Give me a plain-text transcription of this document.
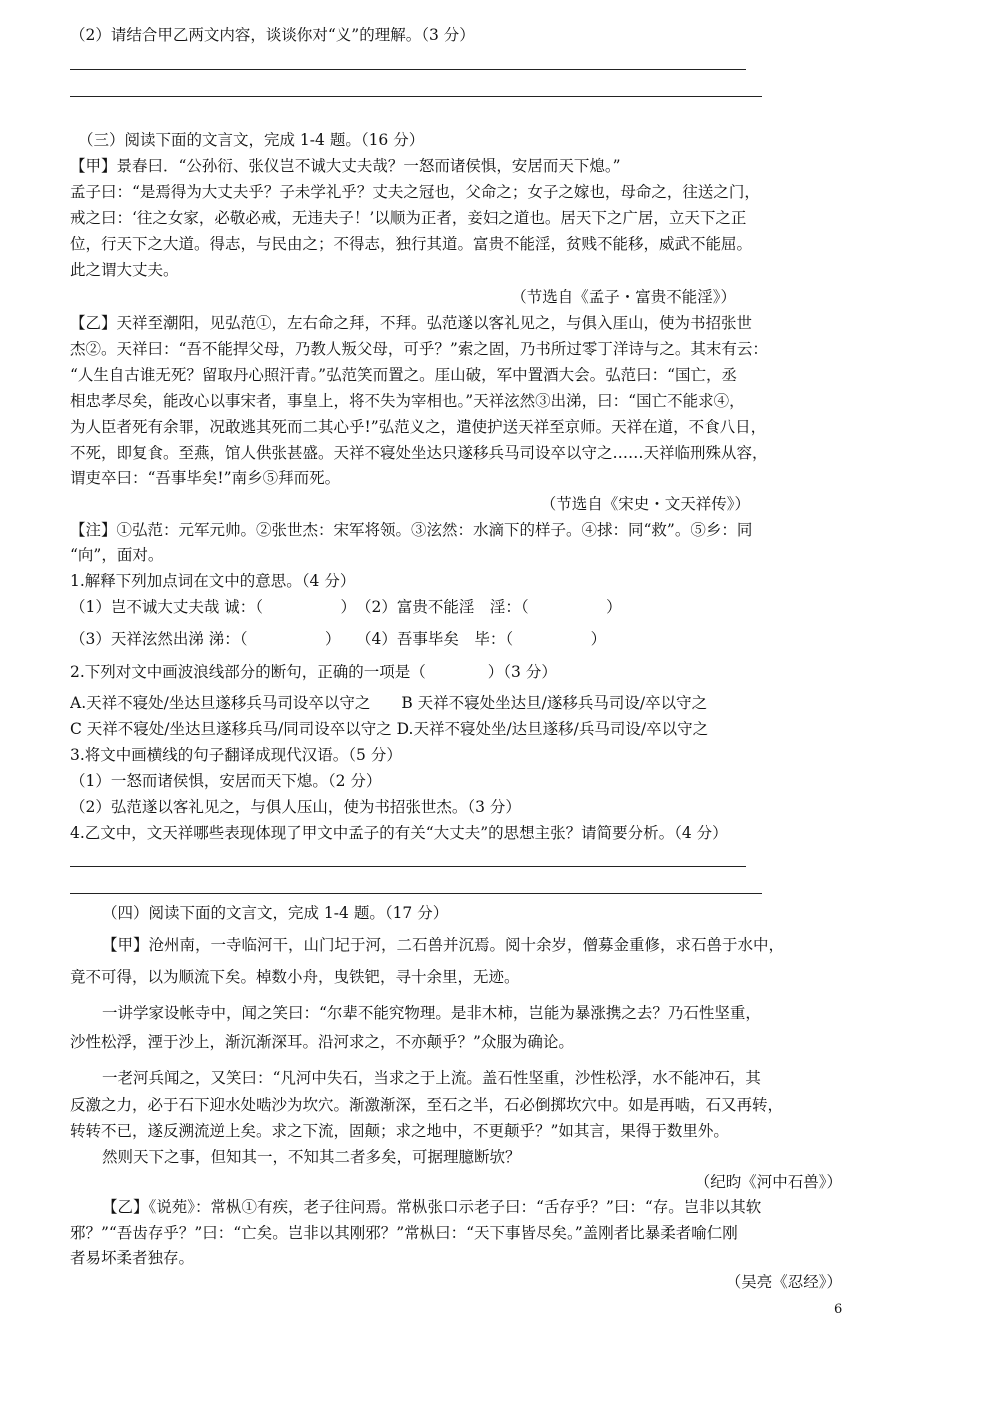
（2）请结合甲乙两文内容，谈谈你对“义”的理解。（3 分）
（三）阅读下面的文言文，完成 1-4 题。（16 分）
【甲】景春曰．“公孙衍、张仪岂不诚大丈夫哉？一怒而诸侯惧，安居而天下熄。”
孟子曰：“是焉得为大丈夫乎？子未学礼乎？丈夫之冠也，父命之；女子之嫁也，母命之，往送之门，
戒之曰：‘往之女家，必敬必戒，无违夫子！’以顺为正者，妾妇之道也。居天下之广居，立天下之正
位，行天下之大道。得志，与民由之；不得志，独行其道。富贵不能淫，贫贱不能移，威武不能屈。
此之谓大丈夫。
（节选自《孟子・富贵不能淫》）
【乙】天祥至潮阳，见弘范①，左右命之拜，不拜。弘范遂以客礼见之，与俱入厓山，使为书招张世
杰②。天祥曰：“吾不能捍父母，乃教人叛父母，可乎？”索之固，乃书所过零丁洋诗与之。其末有云：
“人生自古谁无死？留取丹心照汗青。”弘范笑而置之。厓山破，军中置酒大会。弘范曰：“国亡，丞
相忠孝尽矣，能改心以事宋者，事皇上，将不失为宰相也。”天祥泫然③出涕，曰：“国亡不能求④，
为人臣者死有余罪，况敢逃其死而二其心乎!”弘范义之，遣使护送天祥至京师。天祥在道，不食八日，
不死，即复食。至燕，馆人供张甚盛。天祥不寝处坐达只遂移兵马司设卒以守之……天祥临刑殊从容，
谓吏卒曰：“吾事毕矣!”南乡⑤拜而死。
（节选自《宋史・文天祥传》）
【注】①弘范：元军元帅。②张世杰：宋军将领。③泫然：水滴下的样子。④捄：同“救”。⑤乡：同
“向”，面对。
1.解释下列加点词在文中的意思。（4 分）
（1）岂不诚大丈夫哉 诚：（　　　　　）　（2）富贵不能淫　淫：（　　　　　）
（3）天祥泫然出涕 涕：（　　　　　）　　（4）吾事毕矣　毕：（　　　　　）
2.下列对文中画波浪线部分的断句，正确的一项是（　　　　）（3 分）
A.天祥不寝处/坐达旦遂移兵马司设卒以守之　　B 天祥不寝处坐达旦/遂移兵马司设/卒以守之
C 天祥不寝处/坐达旦遂移兵马/同司设卒以守之 D.天祥不寝处坐/达旦遂移/兵马司设/卒以守之
3.将文中画横线的句子翻译成现代汉语。（5 分）
（1）一怒而诸侯惧，安居而天下熄。（2 分）
（2）弘范遂以客礼见之，与俱人压山，使为书招张世杰。（3 分）
4.乙文中，文天祥哪些表现体现了甲文中孟子的有关“大丈夫”的思想主张？请简要分析。（4 分）
（四）阅读下面的文言文，完成 1-4 题。（17 分）
【甲】沧州南，一寺临河干，山门圮于河，二石兽并沉焉。阅十余岁，僧募金重修，求石兽于水中，
竟不可得，以为顺流下矣。棹数小舟，曳铁钯，寻十余里，无迹。
一讲学家设帐寺中，闻之笑曰：“尔辈不能究物理。是非木柿，岂能为暴涨携之去？乃石性坚重，
沙性松浮，湮于沙上，渐沉渐深耳。沿河求之，不亦颠乎？”众服为确论。
一老河兵闻之，又笑曰：“凡河中失石，当求之于上流。盖石性坚重，沙性松浮，水不能冲石，其
反激之力，必于石下迎水处啮沙为坎穴。渐激渐深，至石之半，石必倒掷坎穴中。如是再啮，石又再转，
转转不已，遂反溯流逆上矣。求之下流，固颠；求之地中，不更颠乎？”如其言，果得于数里外。
然则天下之事，但知其一，不知其二者多矣，可据理臆断欤？
（纪昀《河中石兽》）
【乙】《说苑》：常枞①有疾，老子往问焉。常枞张口示老子曰：“舌存乎？”曰：“存。岂非以其软
邪？”“吾齿存乎？”曰：“亡矣。岂非以其刚邪？”常枞曰：“天下事皆尽矣。”盖刚者比暴柔者喻仁刚
者易坏柔者独存。
（吴亮《忍经》）
6
